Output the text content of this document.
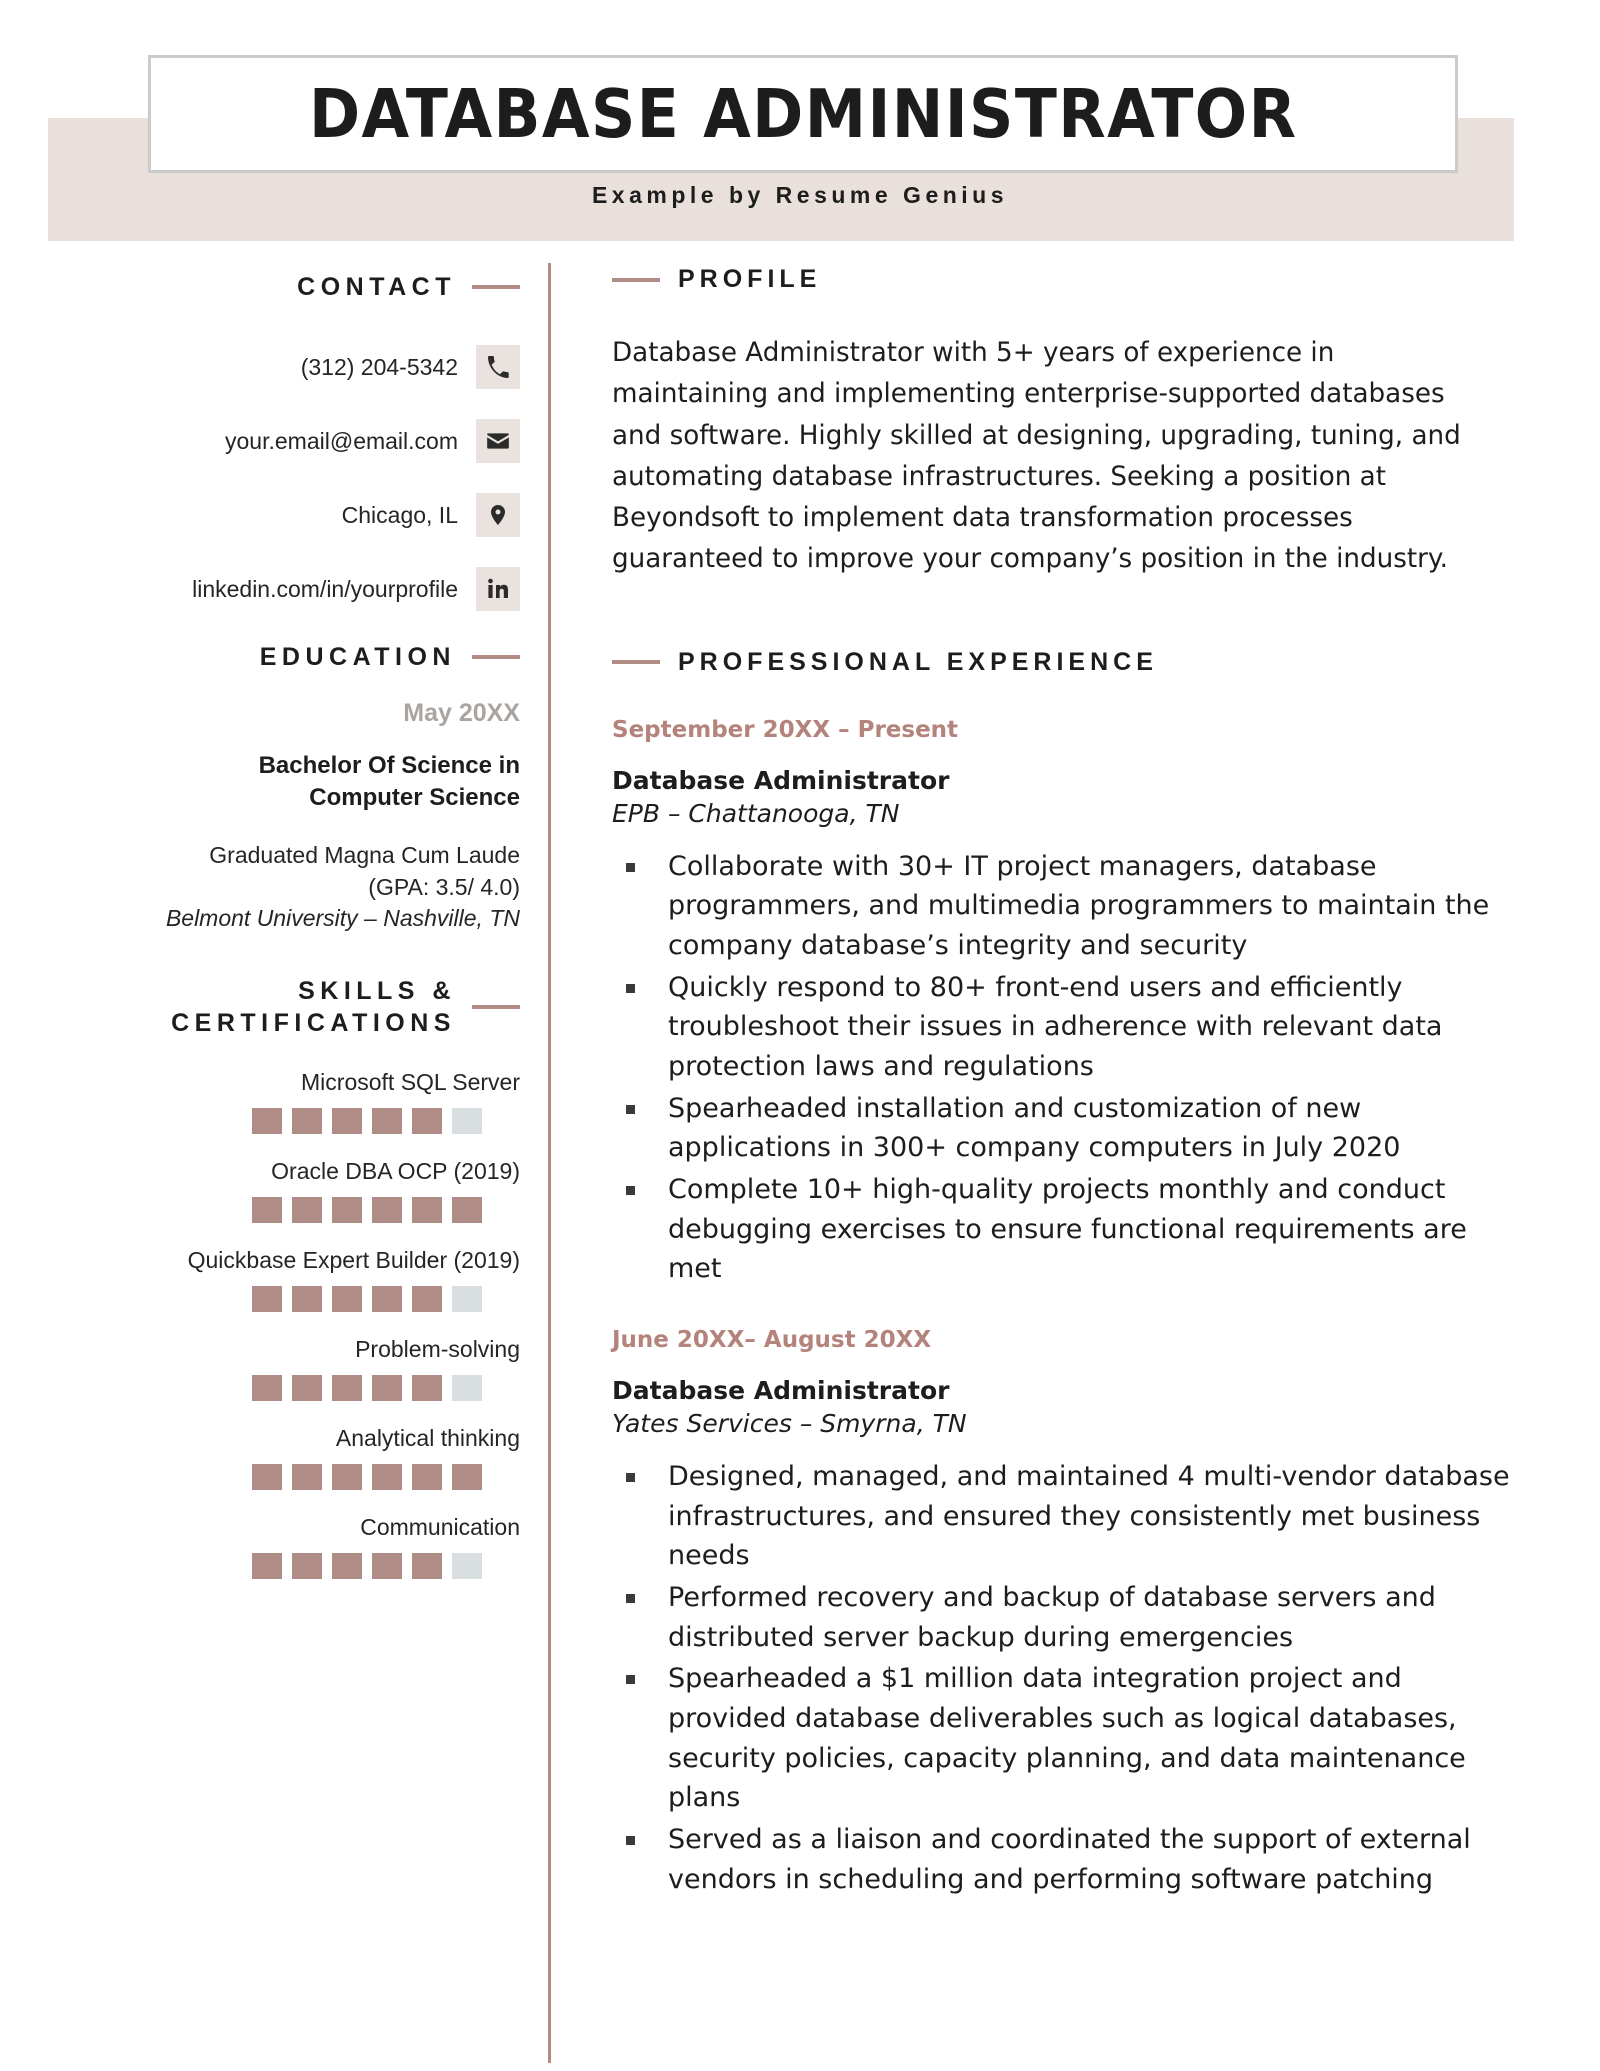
DATABASE ADMINISTRATOR
Example by Resume Genius
CONTACT
(312) 204-5342
your.email@email.com
Chicago, IL
linkedin.com/in/yourprofile
EDUCATION
May 20XX
Bachelor Of Science in
Computer Science
Graduated Magna Cum Laude
(GPA: 3.5/ 4.0)
Belmont University – Nashville, TN
SKILLS &
CERTIFICATIONS
Microsoft SQL Server
Oracle DBA OCP (2019)
Quickbase Expert Builder (2019)
Problem-solving
Analytical thinking
Communication
PROFILE
Database Administrator with 5+ years of experience in maintaining and implementing enterprise-supported databases and software. Highly skilled at designing, upgrading, tuning, and automating database infrastructures. Seeking a position at Beyondsoft to implement data transformation processes guaranteed to improve your company’s position in the industry.
PROFESSIONAL EXPERIENCE
September 20XX – Present
Database Administrator
EPB – Chattanooga, TN
Collaborate with 30+ IT project managers, database programmers, and multimedia programmers to maintain the company database’s integrity and security
Quickly respond to 80+ front-end users and efficiently troubleshoot their issues in adherence with relevant data protection laws and regulations
Spearheaded installation and customization of new applications in 300+ company computers in July 2020
Complete 10+ high-quality projects monthly and conduct debugging exercises to ensure functional requirements are met
June 20XX– August 20XX
Database Administrator
Yates Services – Smyrna, TN
Designed, managed, and maintained 4 multi-vendor database infrastructures, and ensured they consistently met business needs
Performed recovery and backup of database servers and distributed server backup during emergencies
Spearheaded a $1 million data integration project and provided database deliverables such as logical databases, security policies, capacity planning, and data maintenance plans
Served as a liaison and coordinated the support of external vendors in scheduling and performing software patching
